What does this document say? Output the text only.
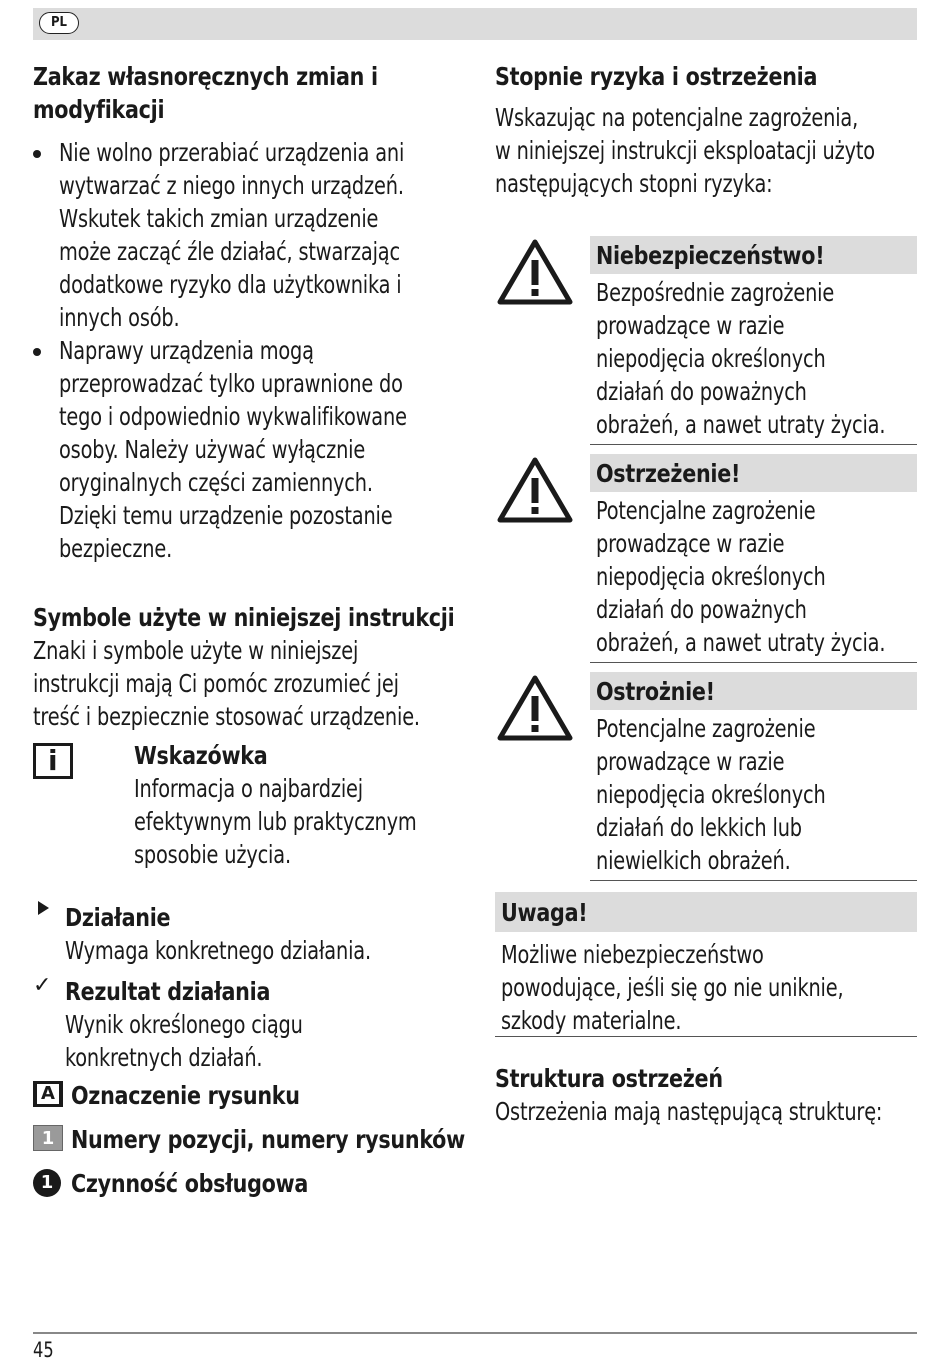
PL
Zakaz własnoręcznych zmian i
modyfikacji
Nie wolno przerabiać urządzenia ani
wytwarzać z niego innych urządzeń.
Wskutek takich zmian urządzenie
może zacząć źle działać, stwarzając
dodatkowe ryzyko dla użytkownika i
innych osób.
Naprawy urządzenia mogą
przeprowadzać tylko uprawnione do
tego i odpowiednio wykwalifikowane
osoby. Należy używać wyłącznie
oryginalnych części zamiennych.
Dzięki temu urządzenie pozostanie
bezpieczne.
Symbole użyte w niniejszej instrukcji
Znaki i symbole użyte w niniejszej
instrukcji mają Ci pomóc zrozumieć jej
treść i bezpiecznie stosować urządzenie.
i	Wskazówka
Informacja o najbardziej
efektywnym lub praktycznym
sposobie użycia.
Działanie
Wymaga konkretnego działania.
✓ Rezultat działania
Wynik określonego ciągu
konkretnych działań.
A Oznaczenie rysunku
1 Numery pozycji, numery rysunków
1 Czynność obsługowa
Stopnie ryzyka i ostrzeżenia
Wskazując na potencjalne zagrożenia,
w niniejszej instrukcji eksploatacji użyto
następujących stopni ryzyka:
Niebezpieczeństwo!
Bezpośrednie zagrożenie
prowadzące w razie
niepodjęcia określonych
działań do poważnych
obrażeń, a nawet utraty życia.
Ostrzeżenie!
Potencjalne zagrożenie
prowadzące w razie
niepodjęcia określonych
działań do poważnych
obrażeń, a nawet utraty życia.
Ostrożnie!
Potencjalne zagrożenie
prowadzące w razie
niepodjęcia określonych
działań do lekkich lub
niewielkich obrażeń.
Uwaga!
Możliwe niebezpieczeństwo
powodujące, jeśli się go nie uniknie,
szkody materialne.
Struktura ostrzeżeń
Ostrzeżenia mają następującą strukturę:
45
